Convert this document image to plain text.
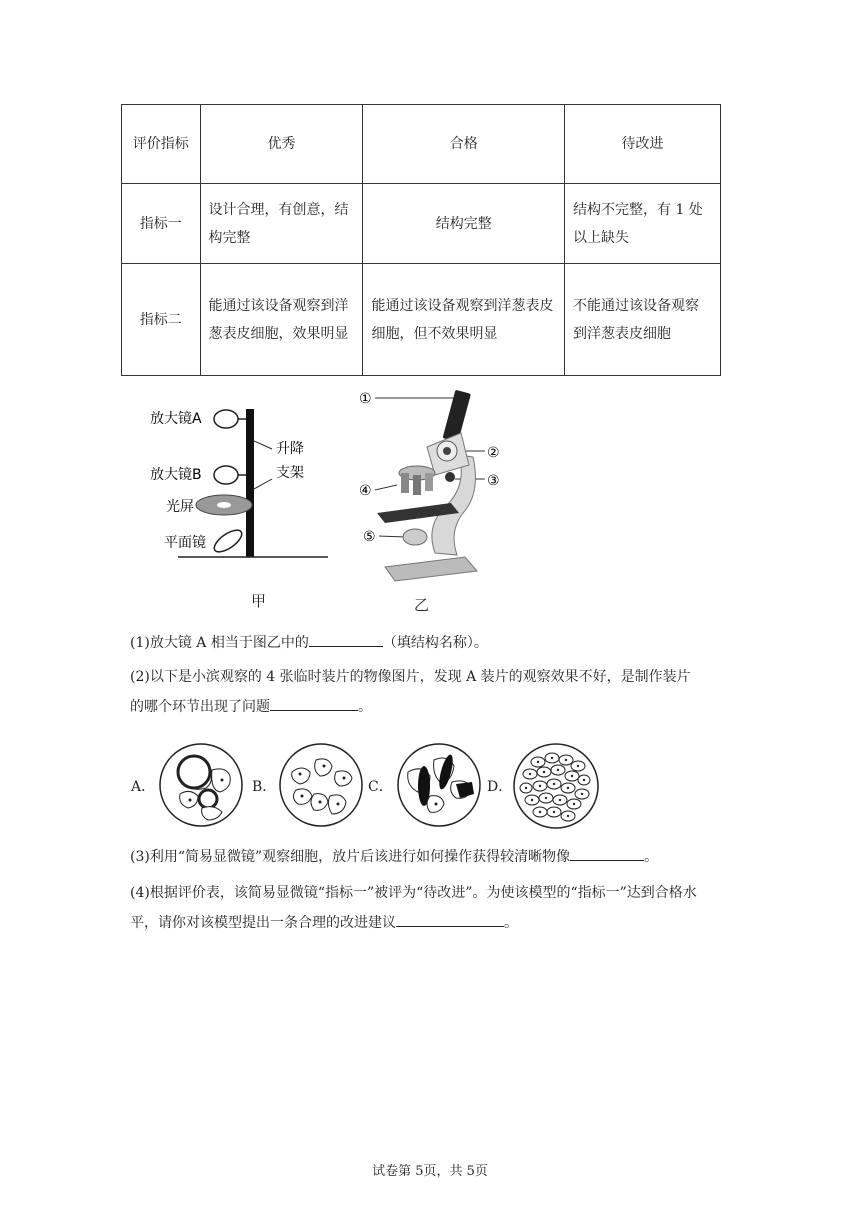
评价指标	优秀	合格	待改进
指标一	设计合理，有创意，结构完整	结构完整	结构不完整，有 1 处以上缺失
指标二	能通过该设备观察到洋葱表皮细胞，效果明显	能通过该设备观察到洋葱表皮细胞，但不效果明显	不能通过该设备观察到洋葱表皮细胞
放大镜A
放大镜B
光屏
平面镜
升降
支架
甲
①
④
⑤
②
③
乙
(1)放大镜 A 相当于图乙中的	（填结构名称）。
(2)以下是小滨观察的 4 张临时装片的物像图片，发现 A 装片的观察效果不好，是制作装片
的哪个环节出现了问题	。
A．	B．	C．	D．
(3)利用“简易显微镜”观察细胞，放片后该进行如何操作获得较清晰物像	。
(4)根据评价表，该简易显微镜“指标一”被评为“待改进”。为使该模型的“指标一”达到合格水
平，请你对该模型提出一条合理的改进建议	。
试卷第 5页，共 5页
